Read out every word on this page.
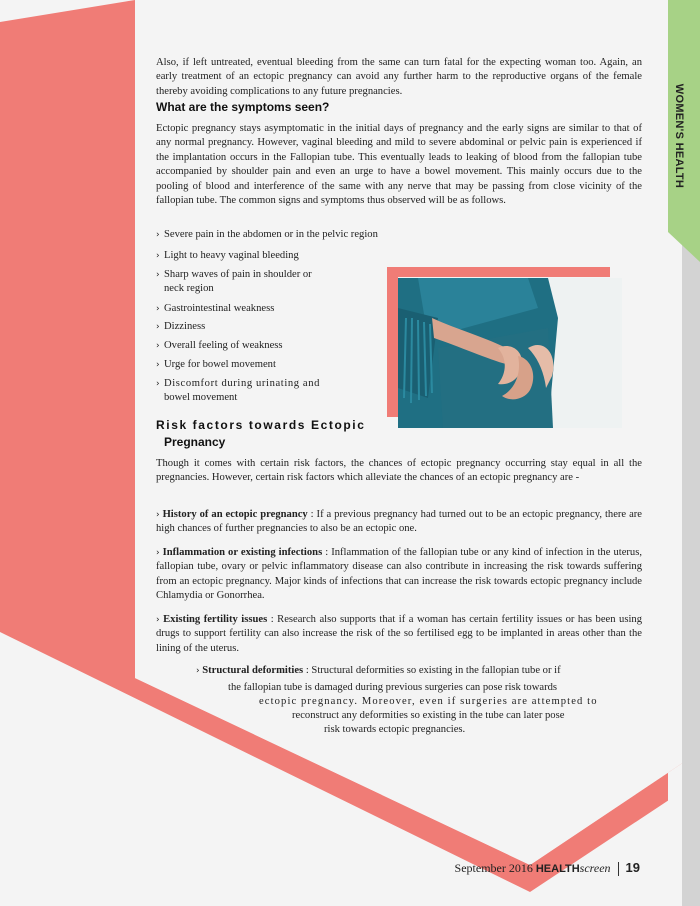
WOMEN'S HEALTH

Also, if left untreated, eventual bleeding from the same can turn fatal for the expecting woman too. Again, an early treatment of an ectopic pregnancy can avoid any further harm to the reproductive organs of the female thereby avoiding complications to any future pregnancies.

What are the symptoms seen?

Ectopic pregnancy stays asymptomatic in the initial days of pregnancy and the early signs are similar to that of any normal pregnancy. However, vaginal bleeding and mild to severe abdominal or pelvic pain is experienced if the implantation occurs in the Fallopian tube. This eventually leads to leaking of blood from the fallopian tube accompanied by shoulder pain and even an urge to have a bowel movement. This mainly occurs due to the pooling of blood and interference of the same with any nerve that may be passing from close vicinity of the fallopian tube. The common signs and symptoms thus observed will be as follows.

› Severe pain in the abdomen or in the pelvic region
› Light to heavy vaginal bleeding
› Sharp waves of pain in shoulder or
neck region
› Gastrointestinal weakness
› Dizziness
› Overall feeling of weakness
› Urge for bowel movement
› Discomfort during urinating and
bowel movement
Risk factors towards Ectopic
Pregnancy

Though it comes with certain risk factors, the chances of ectopic pregnancy occurring stay equal in all the pregnancies. However, certain risk factors which alleviate the chances of an ectopic pregnancy are -

› History of an ectopic pregnancy : If a previous pregnancy had turned out to be an ectopic pregnancy, there are high chances of further pregnancies to also be an ectopic one.

› Inflammation or existing infections : Inflammation of the fallopian tube or any kind of infection in the uterus, fallopian tube, ovary or pelvic inflammatory disease can also contribute in increasing the risk towards suffering from an ectopic pregnancy. Major kinds of infections that can increase the risk towards ectopic pregnancy include Chlamydia or Gonorrhea.

› Existing fertility issues : Research also supports that if a woman has certain fertility issues or has been using drugs to support fertility can also increase the risk of the so fertilised egg to be implanted in areas other than the lining of the uterus.

› Structural deformities : Structural deformities so existing in the fallopian tube or if
the fallopian tube is damaged during previous surgeries can pose risk towards
ectopic pregnancy. Moreover, even if surgeries are attempted to
reconstruct any deformities so existing in the tube can later pose
risk towards ectopic pregnancies.
September 2016 HEALTHscreen 19
